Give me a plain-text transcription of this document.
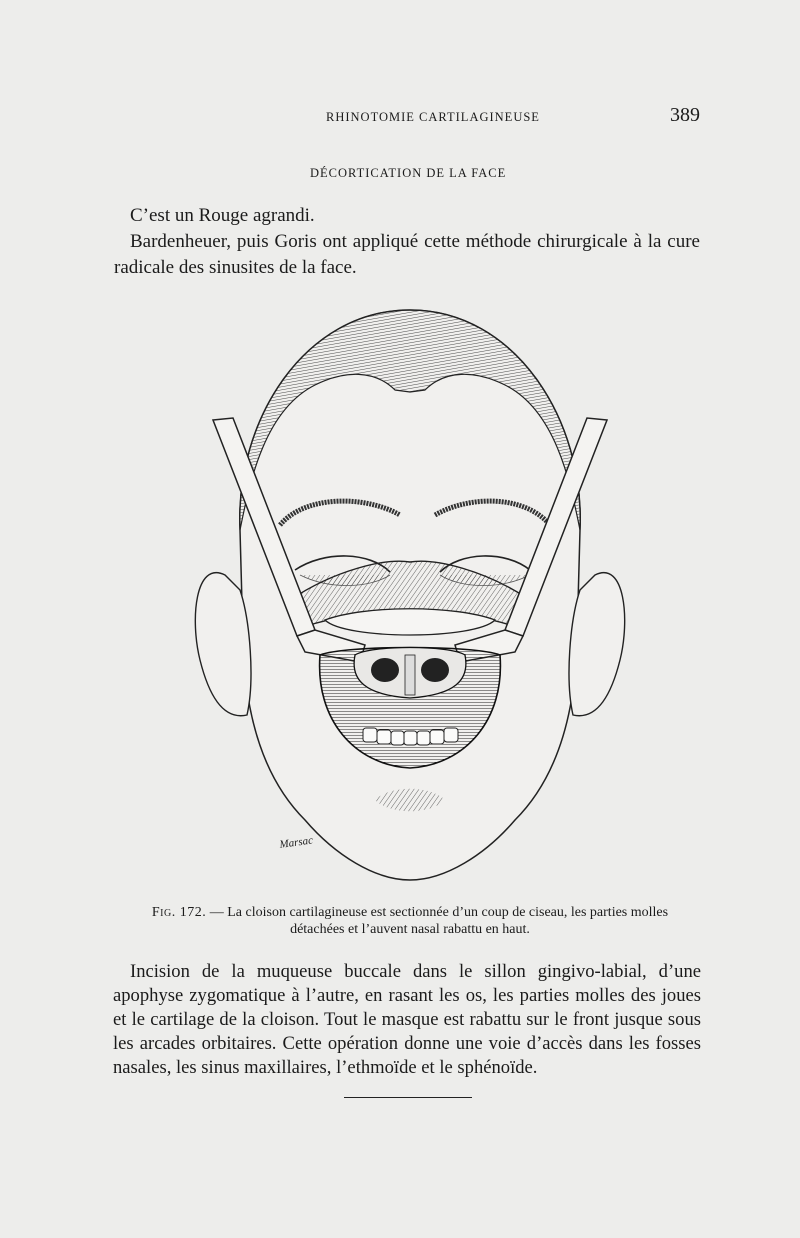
RHINOTOMIE CARTILAGINEUSE	389
DÉCORTICATION DE LA FACE

C’est un Rouge agrandi.

Bardenheuer, puis Goris ont appliqué cette méthode chirurgicale à la cure radicale des sinusites de la face.

Marsac
Fig. 172. — La cloison cartilagineuse est sectionnée d’un coup de ciseau, les parties molles détachées et l’auvent nasal rabattu en haut.

Incision de la muqueuse buccale dans le sillon gingivo-labial, d’une apophyse zygomatique à l’autre, en rasant les os, les parties molles des joues et le cartilage de la cloison. Tout le masque est rabattu sur le front jusque sous les arcades orbitaires. Cette opération donne une voie d’accès dans les fosses nasales, les sinus maxillaires, l’ethmoïde et le sphénoïde.
